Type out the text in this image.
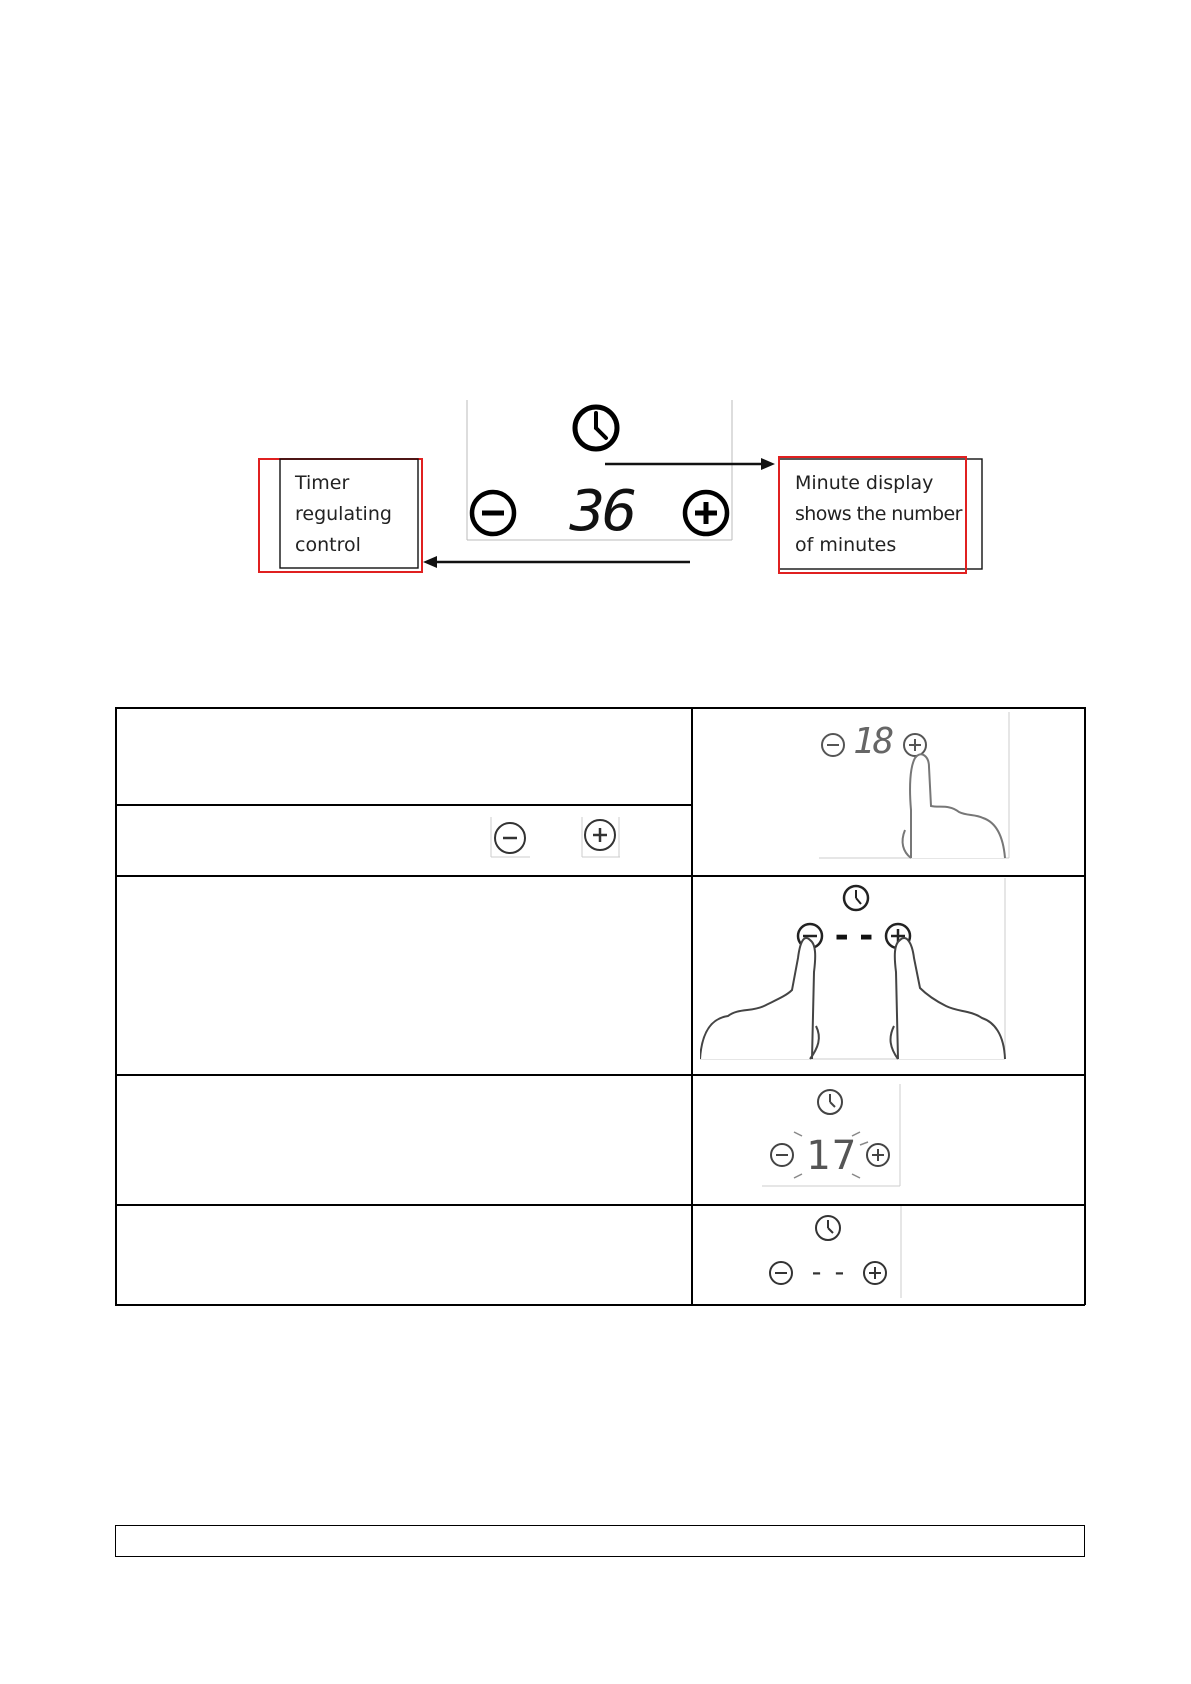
36
Timer
regulating
control
Minute display
shows the number
of minutes
18
--
17
--
